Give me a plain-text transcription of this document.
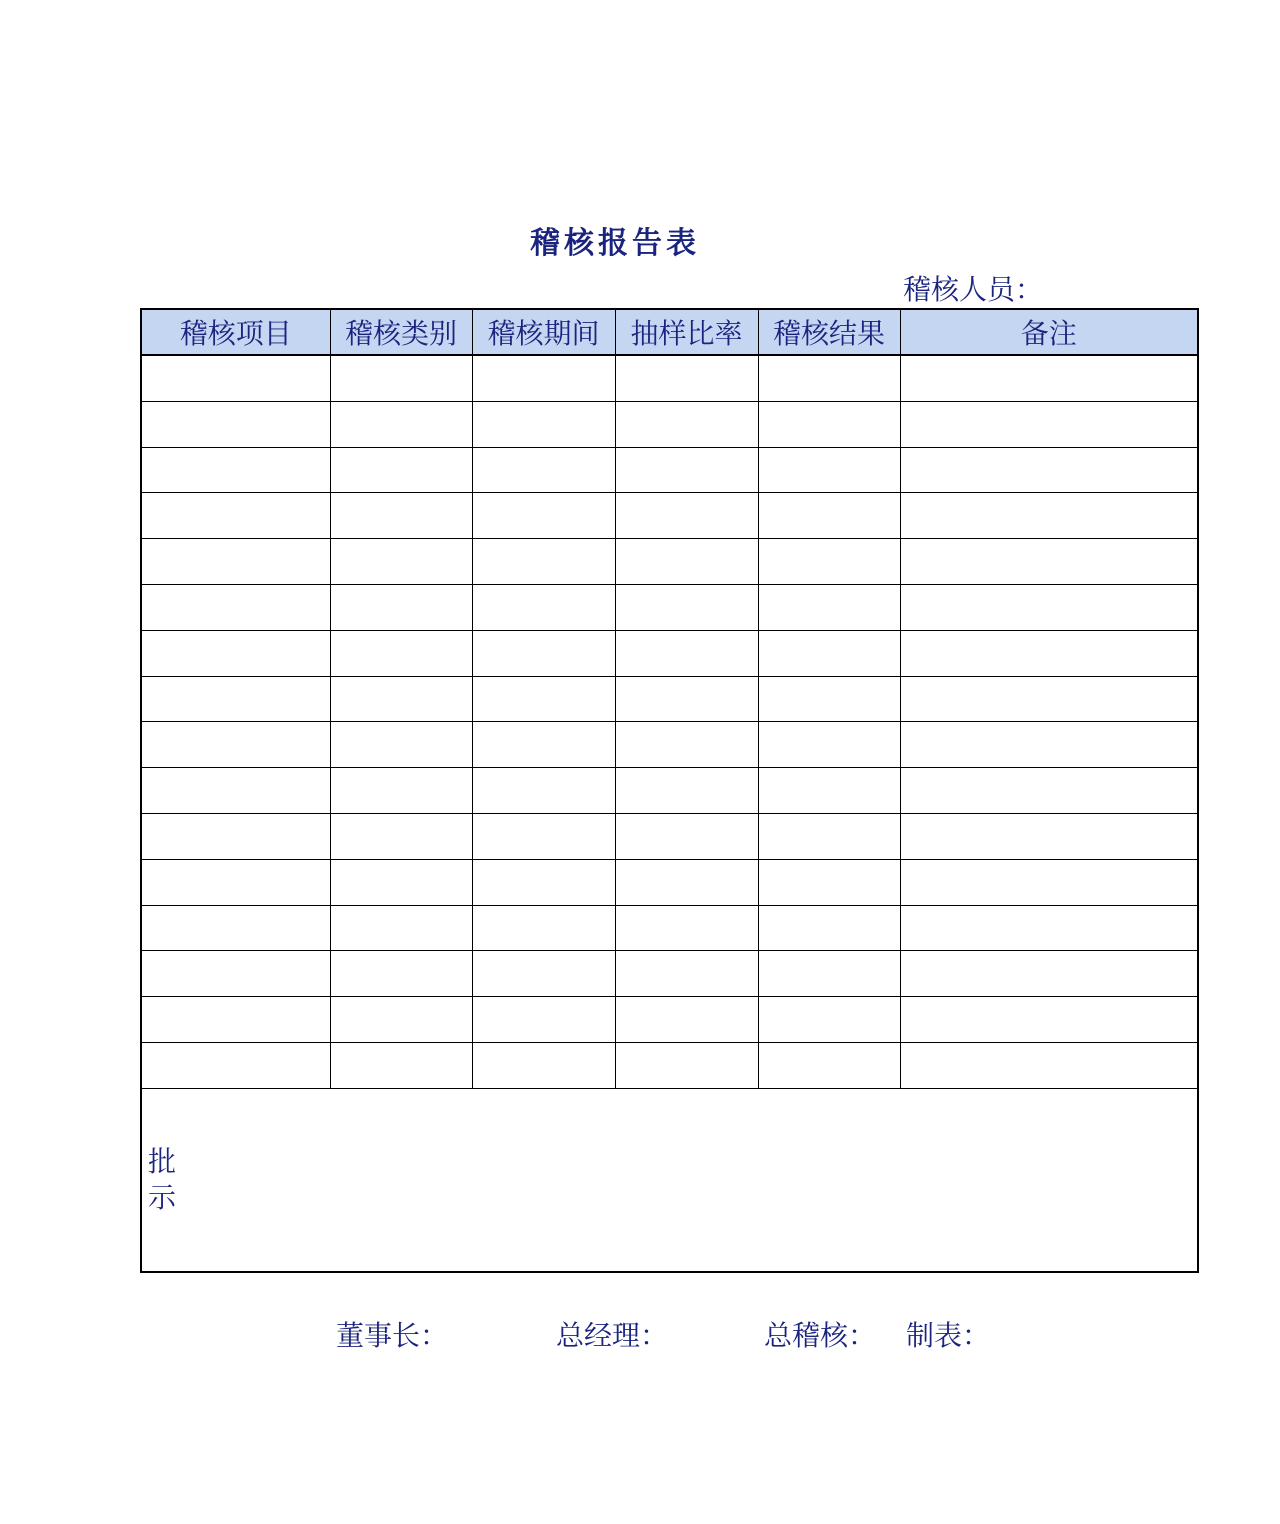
稽核报告表
稽核人员：
稽核项目	稽核类别	稽核期间	抽样比率	稽核结果	备注

批示					
董事长：	总经理：	总稽核： 制表：
